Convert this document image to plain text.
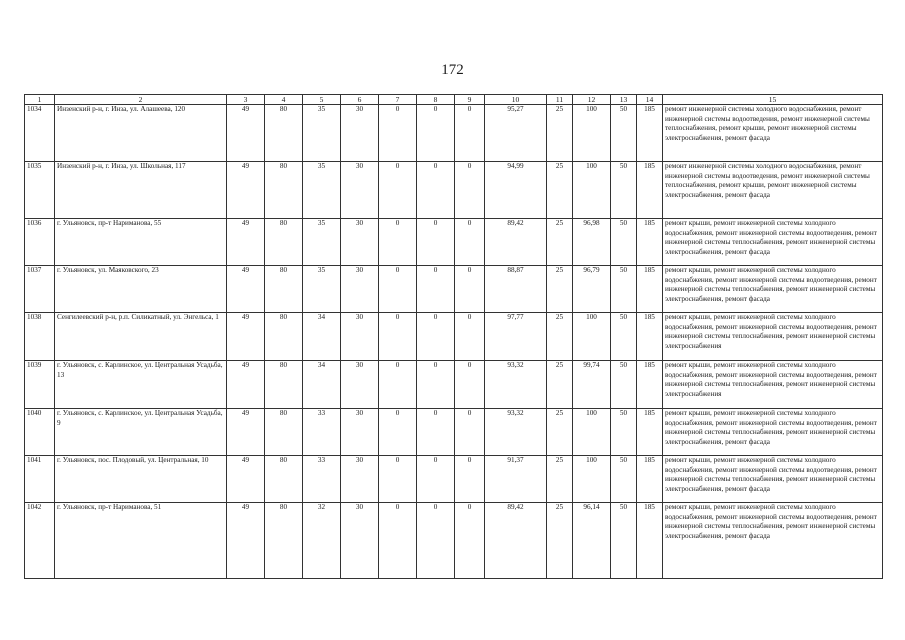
172
1	2	3	4	5	6	7	8	9	10	11	12	13	14	15
1034	Инзенский р-н, г. Инза, ул. Алашеева, 120	49	80	35	30	0	0	0	95,27	25	100	50	185	ремонт инженерной системы холодного водоснабжения, ремонт инженерной системы водоотведения, ремонт инженерной системы теплоснабжения, ремонт крыши, ремонт инженерной системы электроснабжения, ремонт фасада
1035	Инзенский р-н, г. Инза, ул. Школьная, 117	49	80	35	30	0	0	0	94,99	25	100	50	185	ремонт инженерной системы холодного водоснабжения, ремонт инженерной системы водоотведения, ремонт инженерной системы теплоснабжения, ремонт крыши, ремонт инженерной системы электроснабжения, ремонт фасада
1036	г. Ульяновск, пр-т Нариманова, 55	49	80	35	30	0	0	0	89,42	25	96,98	50	185	ремонт крыши, ремонт инженерной системы холодного водоснабжения, ремонт инженерной системы водоотведения, ремонт инженерной системы теплоснабжения, ремонт инженерной системы электроснабжения, ремонт фасада
1037	г. Ульяновск, ул. Маяковского, 23	49	80	35	30	0	0	0	88,87	25	96,79	50	185	ремонт крыши, ремонт инженерной системы холодного водоснабжения, ремонт инженерной системы водоотведения, ремонт инженерной системы теплоснабжения, ремонт инженерной системы электроснабжения, ремонт фасада
1038	Сенгилеевский р-н, р.п. Силикатный, ул. Энгельса, 1	49	80	34	30	0	0	0	97,77	25	100	50	185	ремонт крыши, ремонт инженерной системы холодного водоснабжения, ремонт инженерной системы водоотведения, ремонт инженерной системы теплоснабжения, ремонт инженерной системы электроснабжения
1039	г. Ульяновск, с. Карлинское, ул. Центральная Усадьба, 13	49	80	34	30	0	0	0	93,32	25	99,74	50	185	ремонт крыши, ремонт инженерной системы холодного водоснабжения, ремонт инженерной системы водоотведения, ремонт инженерной системы теплоснабжения, ремонт инженерной системы электроснабжения
1040	г. Ульяновск, с. Карлинское, ул. Центральная Усадьба, 9	49	80	33	30	0	0	0	93,32	25	100	50	185	ремонт крыши, ремонт инженерной системы холодного водоснабжения, ремонт инженерной системы водоотведения, ремонт инженерной системы теплоснабжения, ремонт инженерной системы электроснабжения, ремонт фасада
1041	г. Ульяновск, пос. Плодовый, ул. Центральная, 10	49	80	33	30	0	0	0	91,37	25	100	50	185	ремонт крыши, ремонт инженерной системы холодного водоснабжения, ремонт инженерной системы водоотведения, ремонт инженерной системы теплоснабжения, ремонт инженерной системы электроснабжения, ремонт фасада
1042	г. Ульяновск, пр-т Нариманова, 51	49	80	32	30	0	0	0	89,42	25	96,14	50	185	ремонт крыши, ремонт инженерной системы холодного водоснабжения, ремонт инженерной системы водоотведения, ремонт инженерной системы теплоснабжения, ремонт инженерной системы электроснабжения, ремонт фасада
